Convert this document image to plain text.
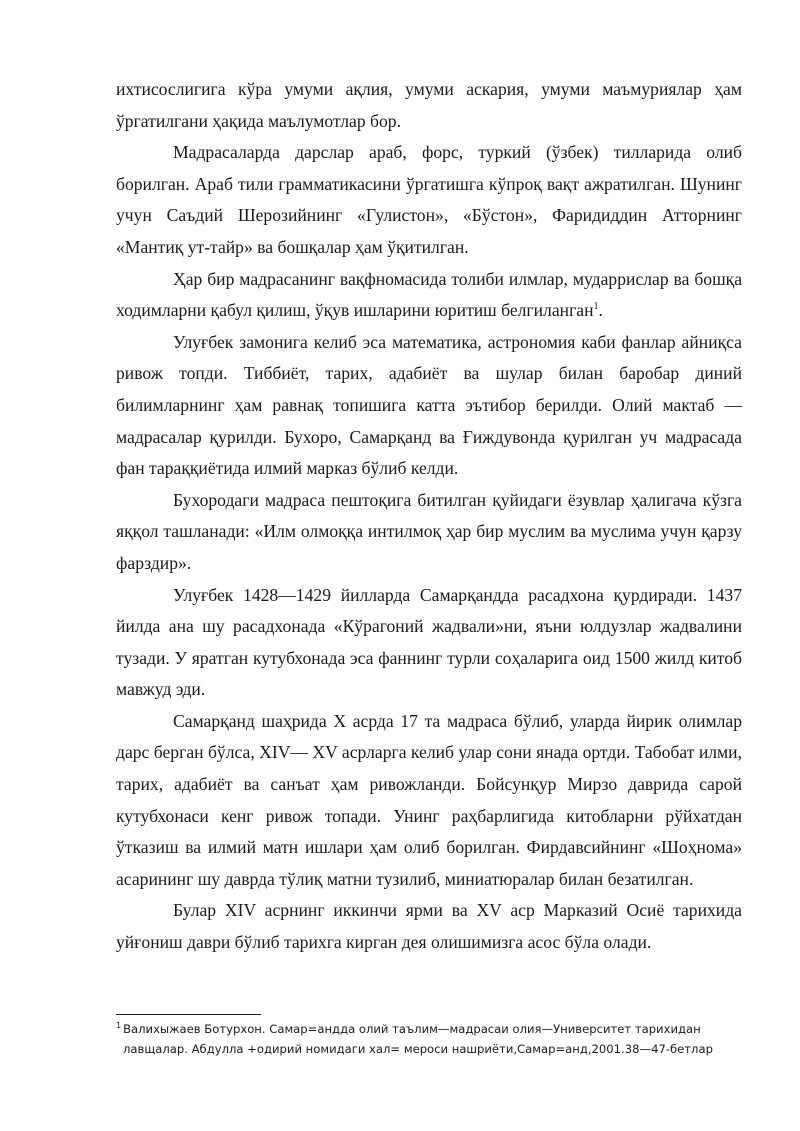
ихтисослигига кўра умуми ақлия, умуми аскария, умуми маъмуриялар ҳам ўргатилгани ҳақида маълумотлар бор.

Мадрасаларда дарслар араб, форс, туркий (ўзбек) тилларида олиб борилган. Араб тили грамматикасини ўргатишга кўпроқ вақт ажратилган. Шунинг учун Саъдий Шерозийнинг «Гулистон», «Бўстон», Фаридиддин Атторнинг «Мантиқ ут-тайр» ва бошқалар ҳам ўқитилган.

Ҳар бир мадрасанинг вақфномасида толиби илмлар, мударрислар ва бошқа ходимларни қабул қилиш, ўқув ишларини юритиш белгиланган$^1$.

Улуғбек замонига келиб эса математика, астрономия каби фанлар айниқса ривож топди. Тиббиёт, тарих, адабиёт ва шулар билан баробар диний билимларнинг ҳам равнақ топишига катта эътибор берилди. Олий мактаб — мадрасалар қурилди. Бухоро, Самарқанд ва Ғиждувонда қурилган уч мадрасада фан тараққиётида илмий марказ бўлиб келди.

Бухородаги мадраса пештоқига битилган қуйидаги ёзувлар ҳалигача кўзга яққол ташланади: «Илм олмоққа интилмоқ ҳар бир муслим ва муслима учун қарзу фарздир».

Улуғбек 1428—1429 йилларда Самарқандда расадхона қурдиради. 1437 йилда ана шу расадхонада «Кўрагоний жадвали»ни, яъни юлдузлар жадвалини тузади. У яратган кутубхонада эса фаннинг турли соҳаларига оид 1500 жилд китоб мавжуд эди.

Самарқанд шаҳрида X асрда 17 та мадраса бўлиб, уларда йирик олимлар дарс берган бўлса, XIV— XV асрларга келиб улар сони янада ортди. Табобат илми, тарих, адабиёт ва санъат ҳам ривожланди. Бойсунқур Мирзо даврида сарой кутубхонаси кенг ривож топади. Унинг раҳбарлигида китобларни рўйхатдан ўтказиш ва илмий матн ишлари ҳам олиб борилган. Фирдавсийнинг «Шоҳнома» асарининг шу даврда тўлиқ матни тузилиб, миниатюралар билан безатилган.

Булар XIV асрнинг иккинчи ярми ва XV аср Марказий Осиё тарихида уйғониш даври бўлиб тарихга кирган дея олишимизга асос бўла олади.

$^1$ Валихыжаев Ботурхон. Самар=андда олий таълим—мадрасаи олия—Университет тарихидан лавщалар. Абдулла +одирий номидаги хал= мероси нашриёти,Самар=анд,2001.38—47-бетлар
